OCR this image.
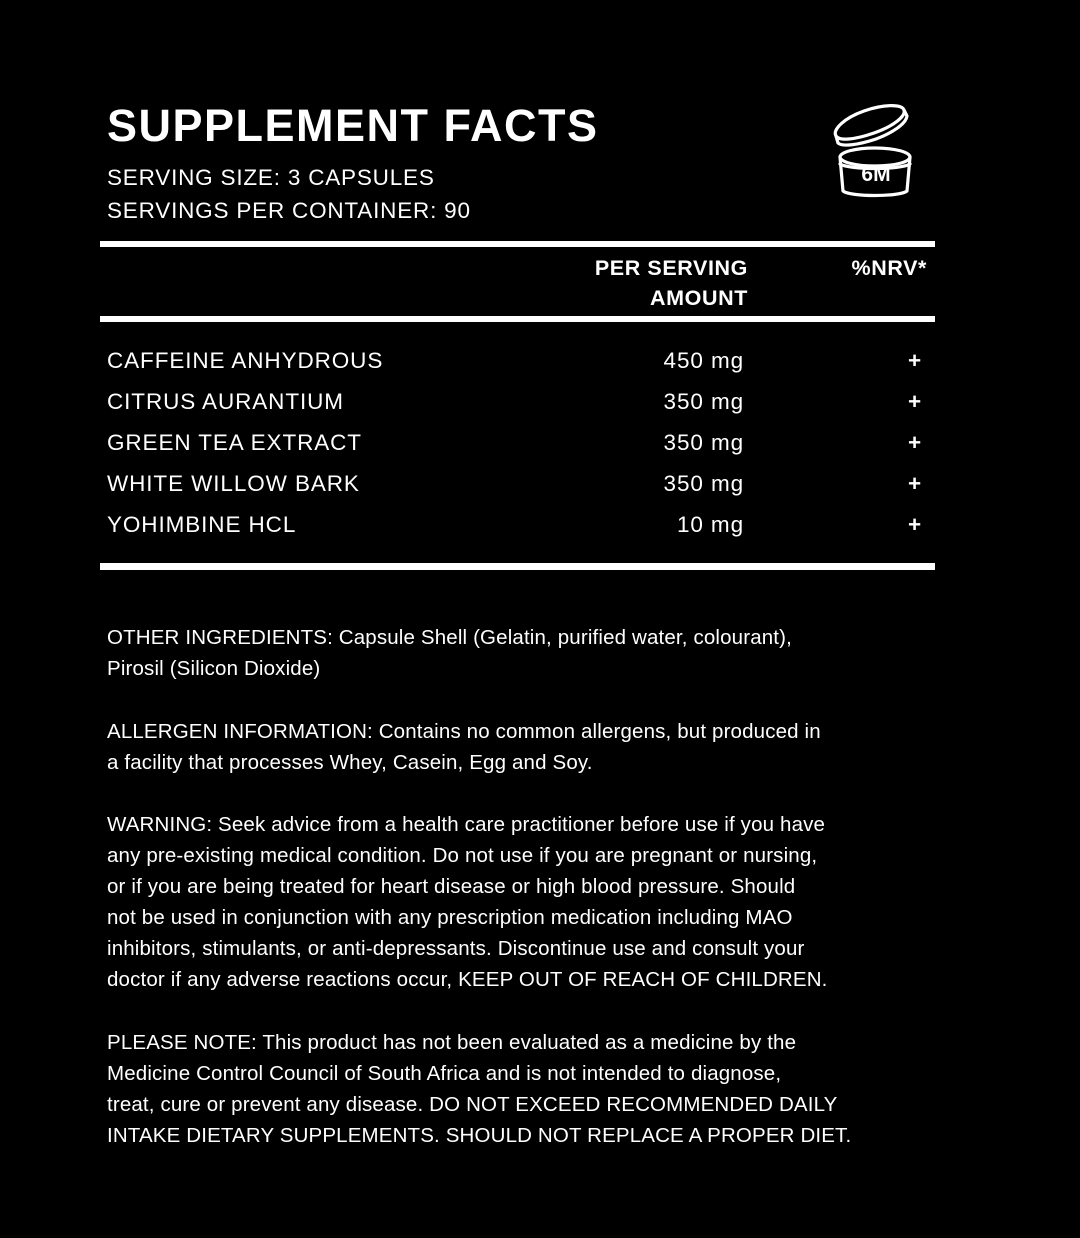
SUPPLEMENT FACTS
SERVING SIZE: 3 CAPSULES
SERVINGS PER CONTAINER: 90
6M
PER SERVING
AMOUNT
%NRV*
CAFFEINE ANHYDROUS	450 mg	+
CITRUS AURANTIUM	350 mg	+
GREEN TEA EXTRACT	350 mg	+
WHITE WILLOW BARK	350 mg	+
YOHIMBINE HCL	10 mg	+

OTHER INGREDIENTS: Capsule Shell (Gelatin, purified water, colourant),
Pirosil (Silicon Dioxide)

ALLERGEN INFORMATION: Contains no common allergens, but produced in
a facility that processes Whey, Casein, Egg and Soy.

WARNING: Seek advice from a health care practitioner before use if you have
any pre-existing medical condition. Do not use if you are pregnant or nursing,
or if you are being treated for heart disease or high blood pressure. Should
not be used in conjunction with any prescription medication including MAO
inhibitors, stimulants, or anti-depressants. Discontinue use and consult your
doctor if any adverse reactions occur, KEEP OUT OF REACH OF CHILDREN.

PLEASE NOTE: This product has not been evaluated as a medicine by the
Medicine Control Council of South Africa and is not intended to diagnose,
treat, cure or prevent any disease. DO NOT EXCEED RECOMMENDED DAILY
INTAKE DIETARY SUPPLEMENTS. SHOULD NOT REPLACE A PROPER DIET.
